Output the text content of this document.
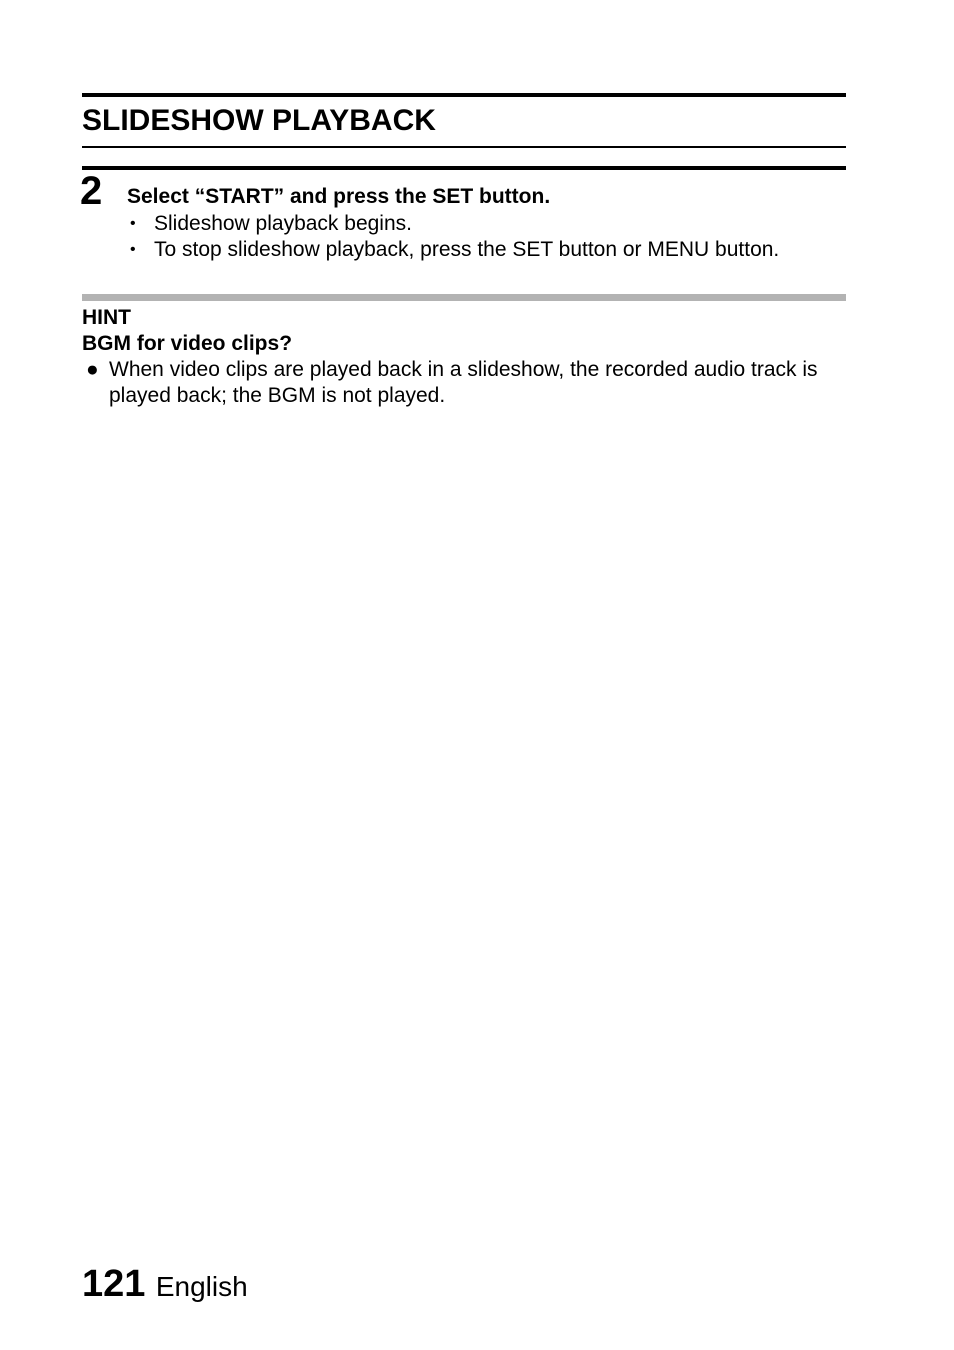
SLIDESHOW PLAYBACK
2 Select “START” and press the SET button.
• Slideshow playback begins.
• To stop slideshow playback, press the SET button or MENU button.
HINT
BGM for video clips?
● When video clips are played back in a slideshow, the recorded audio track is played back; the BGM is not played.
121 English
